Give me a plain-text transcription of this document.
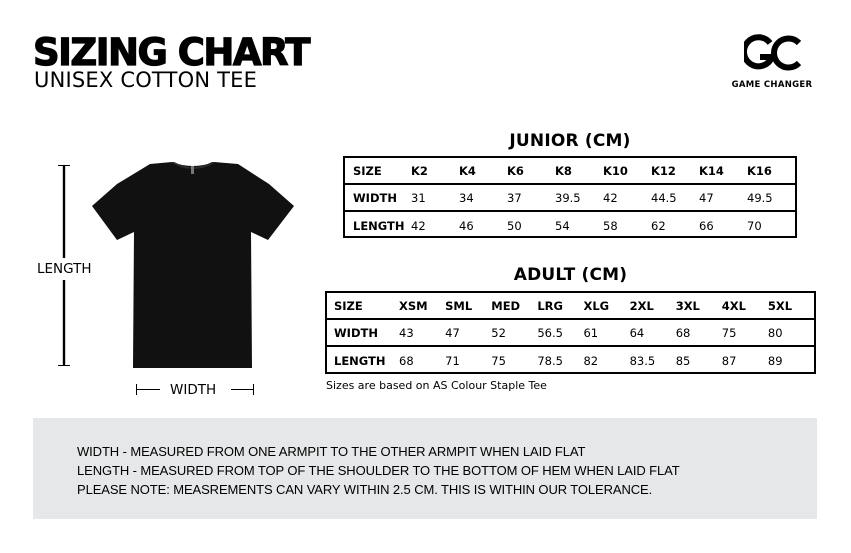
SIZING CHART
UNISEX COTTON TEE	GAME CHANGER
LENGTH
WIDTH
JUNIOR (CM)
SIZE	K2	K4	K6	K8	K10	K12	K14	K16
WIDTH	31	34	37	39.5	42	44.5	47	49.5
LENGTH 42	46	50	54	58	62	66	70
ADULT (CM)
SIZE	XSM	SML	MED	LRG	XLG	2XL	3XL	4XL	5XL
WIDTH	43	47	52	56.5	61	64	68	75	80
LENGTH	68	71	75	78.5	82	83.5	85	87	89
Sizes are based on AS Colour Staple Tee
WIDTH - MEASURED FROM ONE ARMPIT TO THE OTHER ARMPIT WHEN LAID FLAT
LENGTH - MEASURED FROM TOP OF THE SHOULDER TO THE BOTTOM OF HEM WHEN LAID FLAT
PLEASE NOTE: MEASREMENTS CAN VARY WITHIN 2.5 CM. THIS IS WITHIN OUR TOLERANCE.
